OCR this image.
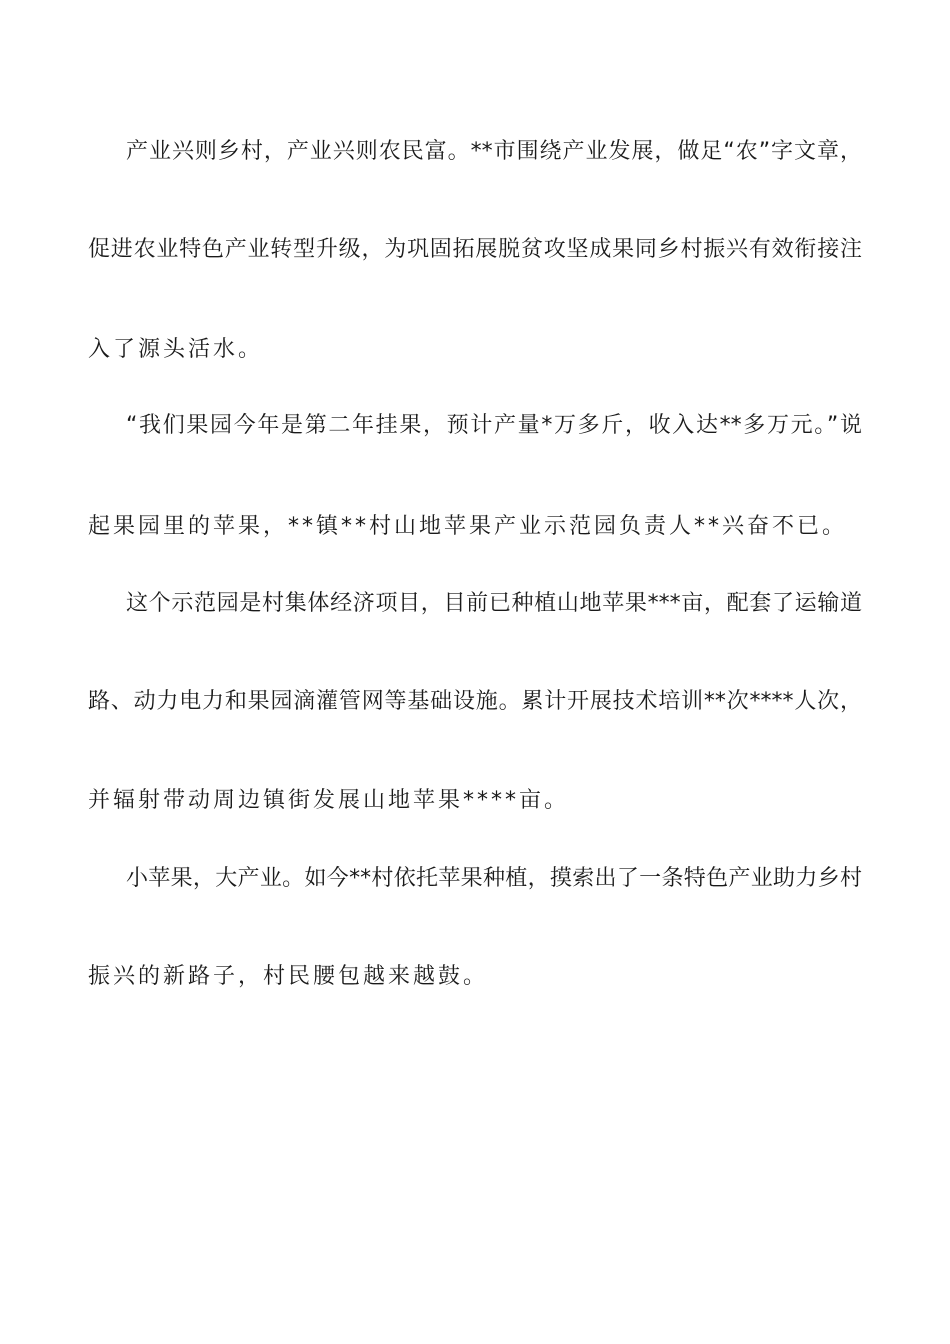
产业兴则乡村，产业兴则农民富。**市围绕产业发展，做足“农”字文章，
促进农业特色产业转型升级，为巩固拓展脱贫攻坚成果同乡村振兴有效衔接注
入了源头活水。
“我们果园今年是第二年挂果，预计产量*万多斤，收入达**多万元。”说
起果园里的苹果，**镇**村山地苹果产业示范园负责人**兴奋不已。
这个示范园是村集体经济项目，目前已种植山地苹果***亩，配套了运输道
路、动力电力和果园滴灌管网等基础设施。累计开展技术培训**次****人次，
并辐射带动周边镇街发展山地苹果****亩。
小苹果，大产业。如今**村依托苹果种植，摸索出了一条特色产业助力乡村
振兴的新路子，村民腰包越来越鼓。
